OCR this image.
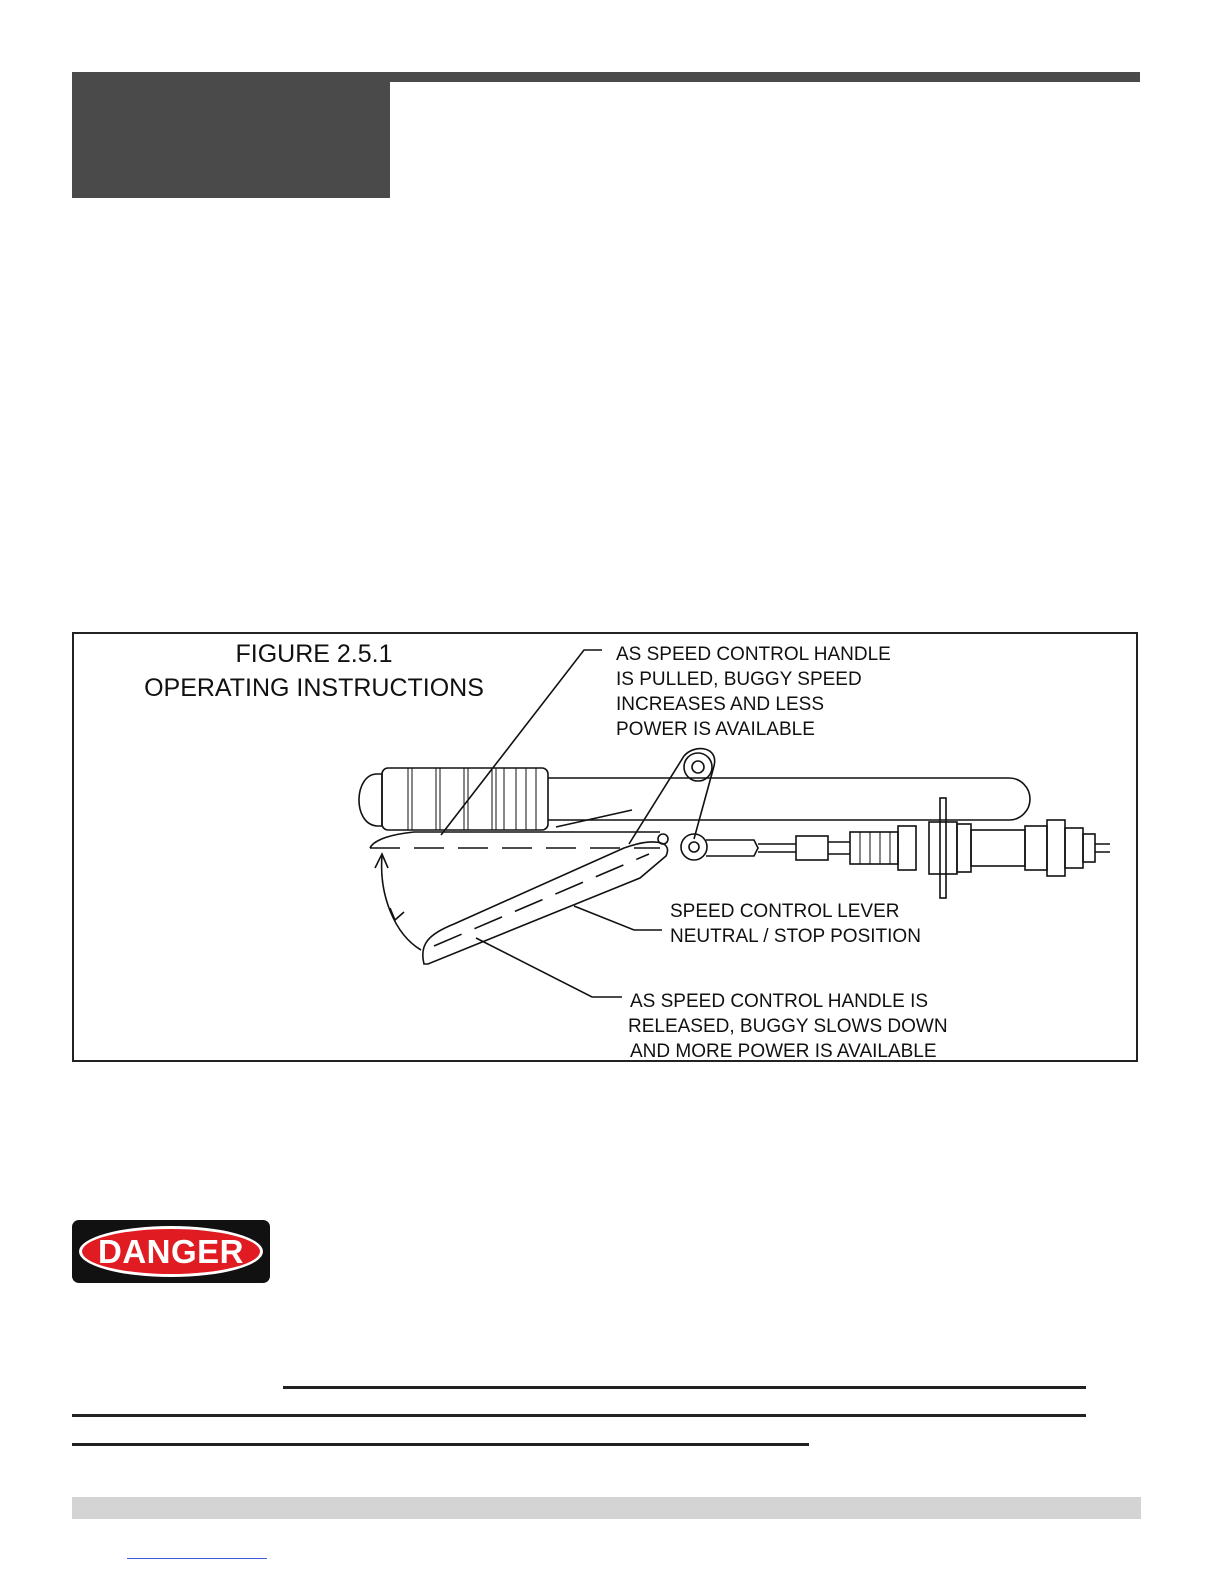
FIGURE 2.5.1
OPERATING INSTRUCTIONS
AS SPEED CONTROL HANDLE
IS PULLED, BUGGY SPEED
INCREASES AND LESS
POWER IS AVAILABLE
SPEED CONTROL LEVER
NEUTRAL / STOP POSITION
AS SPEED CONTROL HANDLE IS
RELEASED, BUGGY SLOWS DOWN
AND MORE POWER IS AVAILABLE
DANGER
